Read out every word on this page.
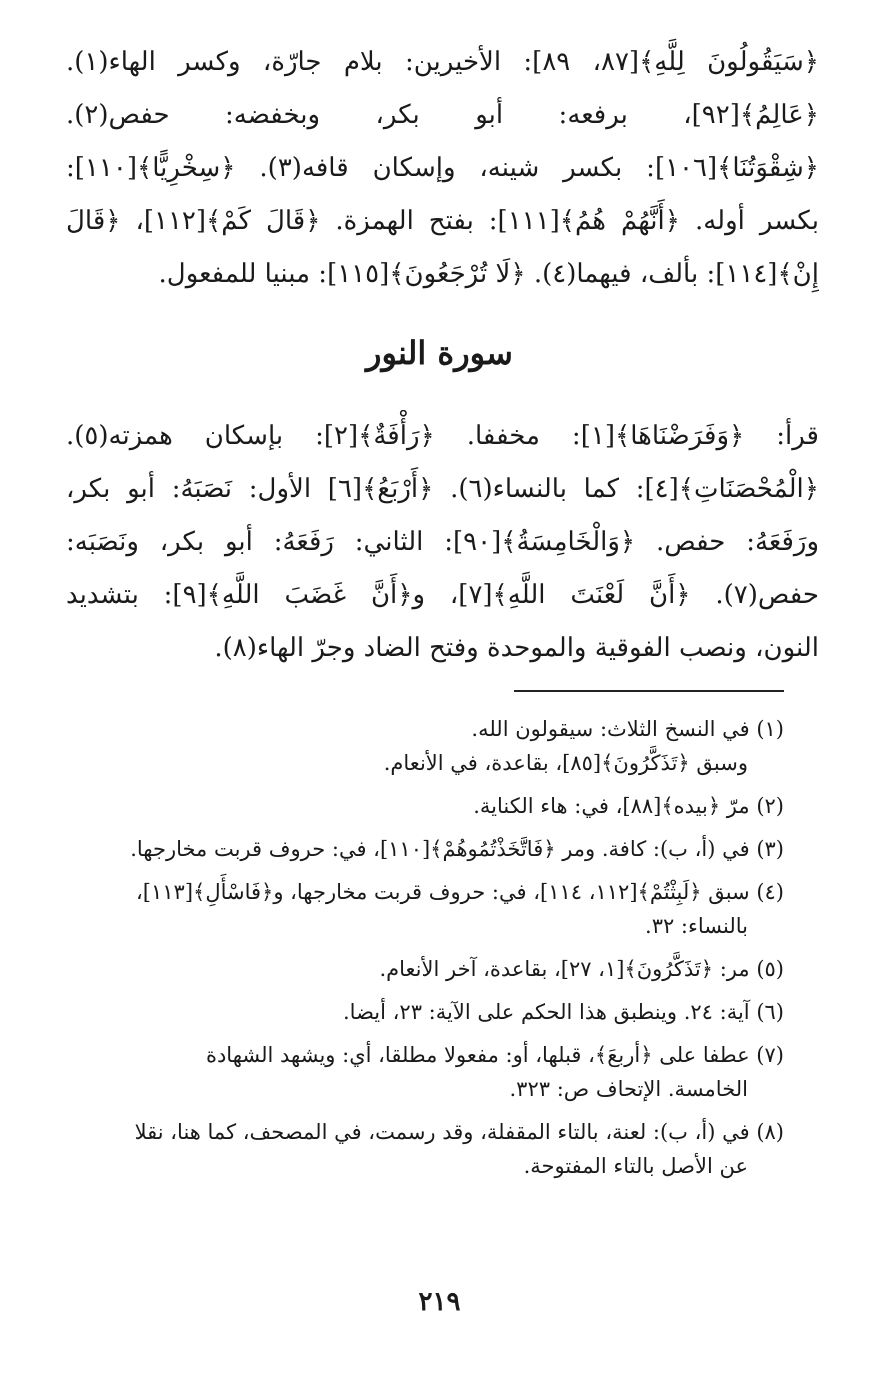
﴿سَيَقُولُونَ لِلَّهِ﴾[٨٧، ٨٩]: الأخيرين: بلام جارّة، وكسر الهاء(١).
﴿عَالِمُ﴾[٩٢]، برفعه: أبو بكر، وبخفضه: حفص(٢).
﴿شِقْوَتُنَا﴾[١٠٦]: بكسر شينه، وإسكان قافه(٣). ﴿سِخْرِيًّا﴾[١١٠]:
بكسر أوله. ﴿أَنَّهُمْ هُمُ﴾[١١١]: بفتح الهمزة. ﴿قَالَ كَمْ﴾[١١٢]، ﴿قَالَ
إِنْ﴾[١١٤]: بألف، فيهما(٤). ﴿لَا تُرْجَعُونَ﴾[١١٥]: مبنيا للمفعول.
سورة النور
قرأ: ﴿وَفَرَضْنَاهَا﴾[١]: مخففا. ﴿رَأْفَةٌ﴾[٢]: بإسكان همزته(٥).
﴿الْمُحْصَنَاتِ﴾[٤]: كما بالنساء(٦). ﴿أَرْبَعُ﴾[٦] الأول: نَصَبَهُ: أبو بكر،
ورَفَعَهُ: حفص. ﴿وَالْخَامِسَةُ﴾[٩٠]: الثاني: رَفَعَهُ: أبو بكر، ونَصَبَه:
حفص(٧). ﴿أَنَّ لَعْنَتَ اللَّهِ﴾[٧]، و﴿أَنَّ غَضَبَ اللَّهِ﴾[٩]: بتشديد
النون، ونصب الفوقية والموحدة وفتح الضاد وجرّ الهاء(٨).
(١) في النسخ الثلاث: سيقولون الله.
وسبق ﴿تَذَكَّرُونَ﴾[٨٥]، بقاعدة، في الأنعام.
(٢) مرّ ﴿بيده﴾[٨٨]، في: هاء الكناية.
(٣) في (أ، ب): كافة. ومر ﴿فَاتَّخَذْتُمُوهُمْ﴾[١١٠]، في: حروف قربت مخارجها.
(٤) سبق ﴿لَبِثْتُمْ﴾[١١٢، ١١٤]، في: حروف قربت مخارجها، و﴿فَاسْأَلِ﴾[١١٣]،
بالنساء: ٣٢.
(٥) مر: ﴿تَذَكَّرُونَ﴾[١، ٢٧]، بقاعدة، آخر الأنعام.
(٦) آية: ٢٤. وينطبق هذا الحكم على الآية: ٢٣، أيضا.
(٧) عطفا على ﴿أربعَ﴾، قبلها، أو: مفعولا مطلقا، أي: ويشهد الشهادة
الخامسة. الإتحاف ص: ٣٢٣.
(٨) في (أ، ب): لعنة، بالتاء المقفلة، وقد رسمت، في المصحف، كما هنا، نقلا
عن الأصل بالتاء المفتوحة.
٢١٩
